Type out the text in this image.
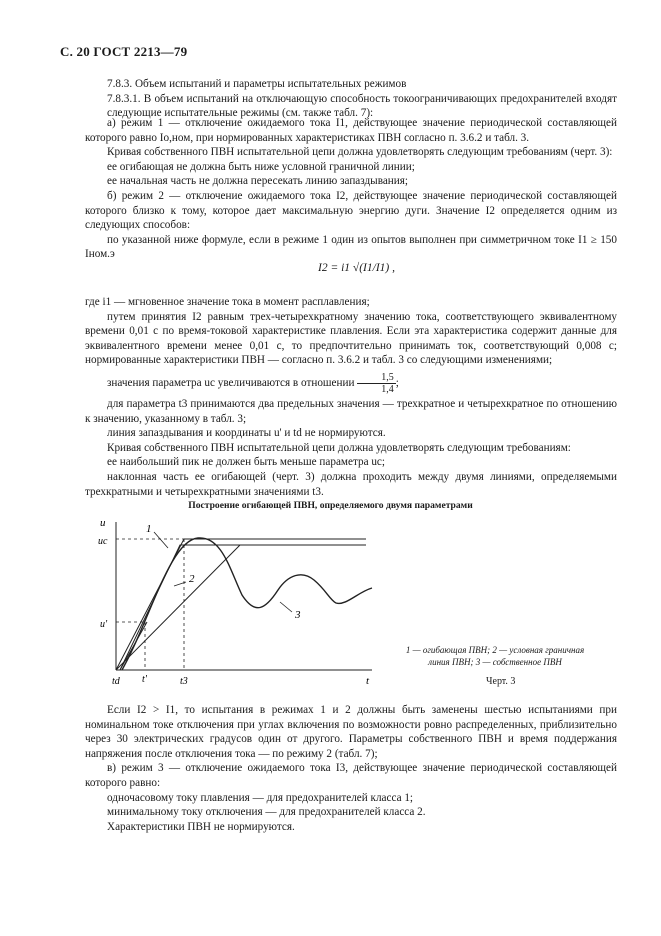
С. 20 ГОСТ 2213—79

7.8.3. Объем испытаний и параметры испытательных режимов

7.8.3.1. В объем испытаний на отключающую способность токоограничивающих предохранителей входят следующие испытательные режимы (см. также табл. 7):

а) режим 1 — отключение ожидаемого тока I1, действующее значение периодической составляющей которого равно Iо,ном, при нормированных характеристиках ПВН согласно п. 3.6.2 и табл. 3.

Кривая собственного ПВН испытательной цепи должна удовлетворять следующим требованиям (черт. 3):

ее огибающая не должна быть ниже условной граничной линии;

ее начальная часть не должна пересекать линию запаздывания;

б) режим 2 — отключение ожидаемого тока I2, действующее значение периодической составляющей которого близко к тому, которое дает максимальную энергию дуги. Значение I2 определяется одним из следующих способов:

по указанной ниже формуле, если в режиме 1 один из опытов выполнен при симметричном токе I1 ≥ 150 Iном.э

I2 = i1 √(I1/I1) ,

где i1 — мгновенное значение тока в момент расплавления;

путем принятия I2 равным трех-четырехкратному значению тока, соответствующего эквивалентному времени 0,01 с по время-токовой характеристике плавления. Если эта характеристика содержит данные для эквивалентного времени менее 0,01 с, то предпочтительно принимать ток, соответствующий 0,008 с; нормированные характеристики ПВН — согласно п. 3.6.2 и табл. 3 со следующими изменениями;

значения параметра uc увеличиваются в отношении $\frac{1,5}{1,4}$ ;

для параметра t3 принимаются два предельных значения — трехкратное и четырехкратное по отношению к значению, указанному в табл. 3;

линия запаздывания и координаты u' и td не нормируются.

Кривая собственного ПВН испытательной цепи должна удовлетворять следующим требованиям:

ее наибольший пик не должен быть меньше параметра uc;

наклонная часть ее огибающей (черт. 3) должна проходить между двумя линиями, определяемыми трехкратными и четырехкратными значениями t3.

Построение огибающей ПВН, определяемого двумя параметрами
u
t
uc
u'
1
2
3
td t'	t3
1 — огибающая ПВН; 2 — условная граничная линия ПВН; 3 — собственное ПВН
Черт. 3

Если I2 > I1, то испытания в режимах 1 и 2 должны быть заменены шестью испытаниями при номинальном токе отключения при углах включения по возможности ровно распределенных, приблизительно через 30 электрических градусов один от другого. Параметры собственного ПВН и время поддержания напряжения после отключения тока — по режиму 2 (табл. 7);

в) режим 3 — отключение ожидаемого тока I3, действующее значение периодической составляющей которого равно:

одночасовому току плавления — для предохранителей класса 1;

минимальному току отключения — для предохранителей класса 2.

Характеристики ПВН не нормируются.
